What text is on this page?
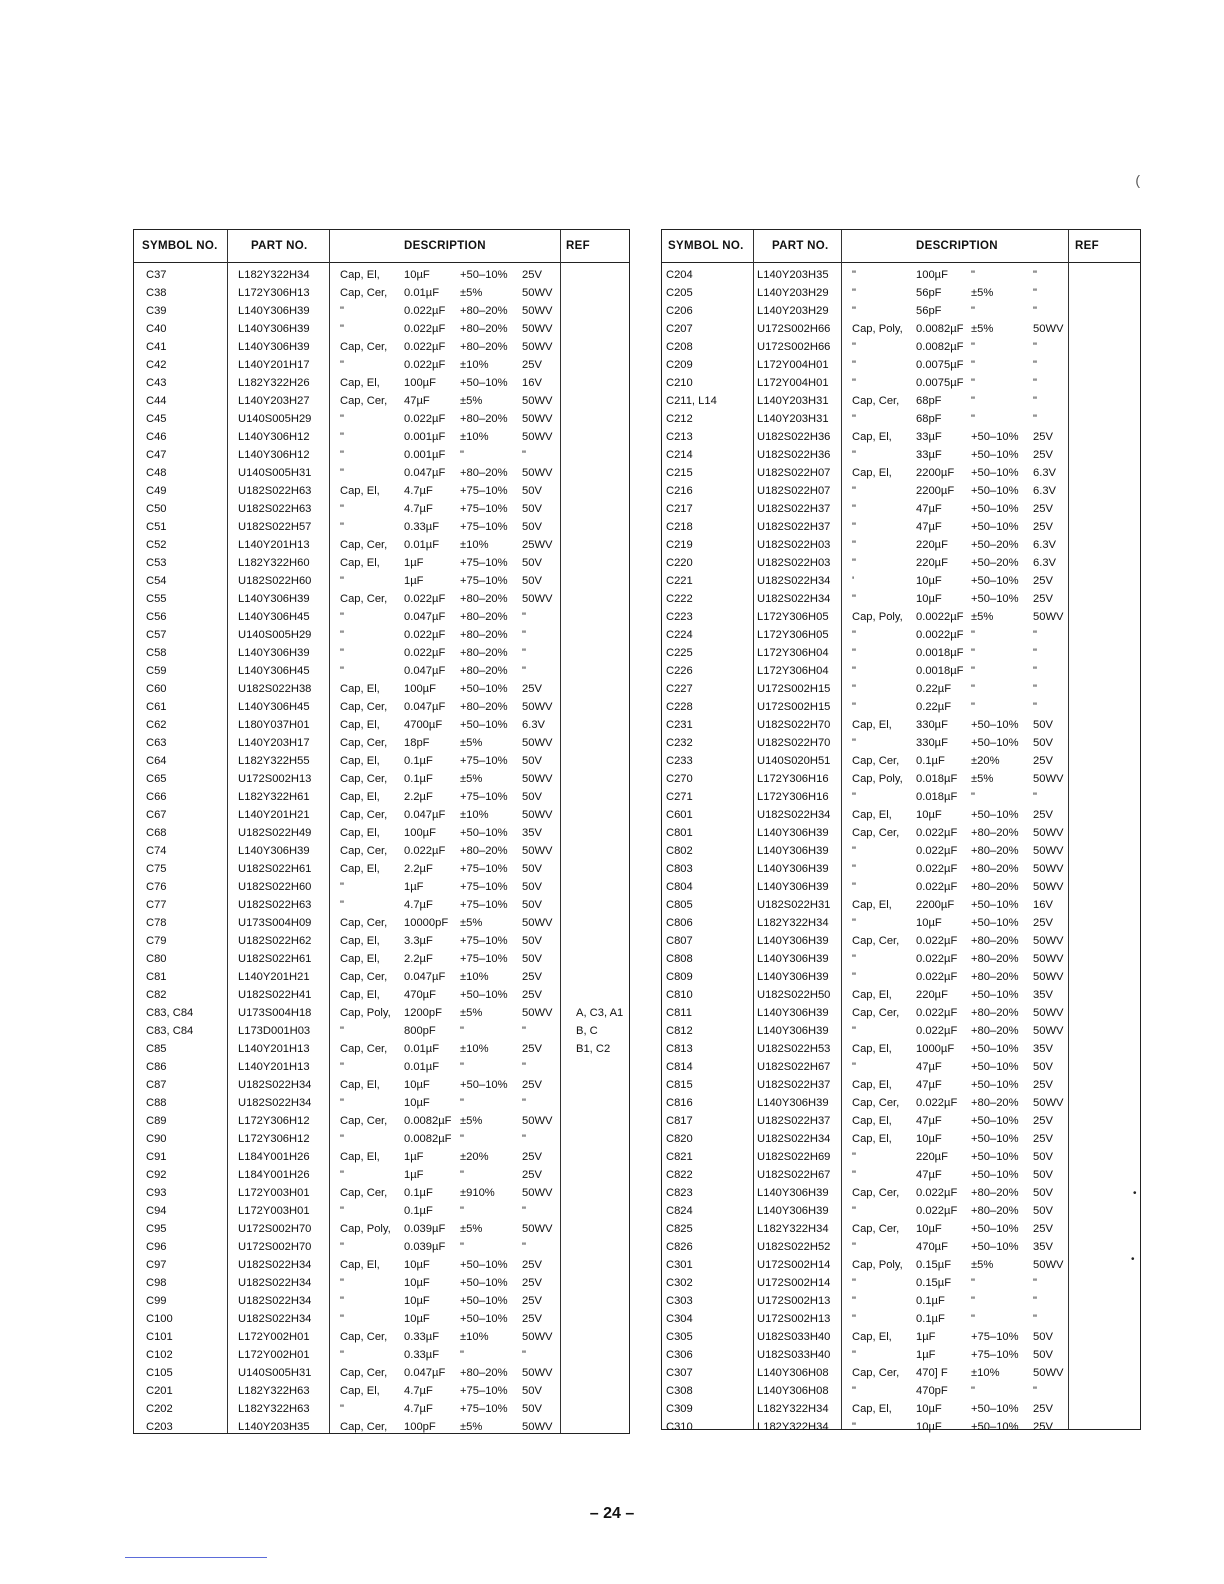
(
SYMBOL NO.	PART NO.	DESCRIPTION	REF
C37	L182Y322H34	Cap, El, 10µF	+50–10% 25V
C38	L172Y306H13	Cap, Cer, 0.01µF ±5%	50WV
C39	L140Y306H39	"	0.022µF +80–20% 50WV
C40	L140Y306H39	"	0.022µF +80–20% 50WV
C41	L140Y306H39	Cap, Cer, 0.022µF +80–20% 50WV
C42	L140Y201H17	"	0.022µF ±10%	25V
C43	L182Y322H26	Cap, El, 100µF +50–10% 16V
C44	L140Y203H27	Cap, Cer, 47µF	±5%	50WV
C45	U140S005H29	"	0.022µF +80–20% 50WV
C46	L140Y306H12	"	0.001µF ±10%	50WV
C47	L140Y306H12	"	0.001µF "	"
C48	U140S005H31	"	0.047µF +80–20% 50WV
C49	U182S022H63	Cap, El, 4.7µF +75–10% 50V
C50	U182S022H63	"	4.7µF +75–10% 50V
C51	U182S022H57	"	0.33µF +75–10% 50V
C52	L140Y201H13	Cap, Cer, 0.01µF ±10%	25WV
C53	L182Y322H60	Cap, El, 1µF	+75–10% 50V
C54	U182S022H60	"	1µF	+75–10% 50V
C55	L140Y306H39	Cap, Cer, 0.022µF +80–20% 50WV
C56	L140Y306H45	"	0.047µF +80–20% "
C57	U140S005H29	"	0.022µF +80–20% "
C58	L140Y306H39	"	0.022µF +80–20% "
C59	L140Y306H45	"	0.047µF +80–20% "
C60	U182S022H38	Cap, El, 100µF +50–10% 25V
C61	L140Y306H45	Cap, Cer, 0.047µF +80–20% 50WV
C62	L180Y037H01	Cap, El, 4700µF +50–10% 6.3V
C63	L140Y203H17	Cap, Cer, 18pF	±5%	50WV
C64	L182Y322H55	Cap, El, 0.1µF +75–10% 50V
C65	U172S002H13	Cap, Cer, 0.1µF ±5%	50WV
C66	L182Y322H61	Cap, El, 2.2µF +75–10% 50V
C67	L140Y201H21	Cap, Cer, 0.047µF ±10%	50WV
C68	U182S022H49	Cap, El, 100µF +50–10% 35V
C74	L140Y306H39	Cap, Cer, 0.022µF +80–20% 50WV
C75	U182S022H61	Cap, El, 2.2µF +75–10% 50V
C76	U182S022H60	"	1µF	+75–10% 50V
C77	U182S022H63	"	4.7µF +75–10% 50V
C78	U173S004H09	Cap, Cer, 10000pF ±5%	50WV
C79	U182S022H62	Cap, El, 3.3µF +75–10% 50V
C80	U182S022H61	Cap, El, 2.2µF +75–10% 50V
C81	L140Y201H21	Cap, Cer, 0.047µF ±10%	25V
C82	U182S022H41	Cap, El, 470µF +50–10% 25V
C83, C84	U173S004H18	Cap, Poly, 1200pF ±5%	50WV A, C3, A1
C83, C84	L173D001H03	"	800pF "	"	B, C
C85	L140Y201H13	Cap, Cer, 0.01µF ±10%	25V	B1, C2
C86	L140Y201H13	"	0.01µF "	"
C87	U182S022H34	Cap, El, 10µF	+50–10% 25V
C88	U182S022H34	"	10µF	"	"
C89	L172Y306H12	Cap, Cer, 0.0082µF ±5%	50WV
C90	L172Y306H12	"	0.0082µF "	"
C91	L184Y001H26	Cap, El, 1µF	±20%	25V
C92	L184Y001H26	"	1µF	"	25V
C93	L172Y003H01	Cap, Cer, 0.1µF ±910% 50WV
C94	L172Y003H01	"	0.1µF "	"
C95	U172S002H70	Cap, Poly, 0.039µF ±5%	50WV
C96	U172S002H70	"	0.039µF "	"
C97	U182S022H34	Cap, El, 10µF	+50–10% 25V
C98	U182S022H34	"	10µF	+50–10% 25V
C99	U182S022H34	"	10µF	+50–10% 25V
C100	U182S022H34	"	10µF	+50–10% 25V
C101	L172Y002H01	Cap, Cer, 0.33µF ±10%	50WV
C102	L172Y002H01	"	0.33µF "	"
C105	U140S005H31	Cap, Cer, 0.047µF +80–20% 50WV
C201	L182Y322H63	Cap, El, 4.7µF +75–10% 50V
C202	L182Y322H63	"	4.7µF +75–10% 50V
C203	L140Y203H35	Cap, Cer, 100pF ±5%	50WV
SYMBOL NO. PART NO.	DESCRIPTION	REF
C204	L140Y203H35 "	100µF "	"
C205	L140Y203H29 "	56pF	±5%	"
C206	L140Y203H29 "	56pF	"	"
C207	U172S002H66 Cap, Poly, 0.0082µF ±5%	50WV
C208	U172S002H66 "	0.0082µF "	"
C209	L172Y004H01 "	0.0075µF "	"
C210	L172Y004H01 "	0.0075µF "	"
C211, L14	L140Y203H31 Cap, Cer, 68pF	"	"
C212	L140Y203H31 "	68pF	"	"
C213	U182S022H36 Cap, El, 33µF	+50–10% 25V
C214	U182S022H36 "	33µF	+50–10% 25V
C215	U182S022H07 Cap, El, 2200µF +50–10% 6.3V
C216	U182S022H07 "	2200µF +50–10% 6.3V
C217	U182S022H37 "	47µF	+50–10% 25V
C218	U182S022H37 "	47µF	+50–10% 25V
C219	U182S022H03 "	220µF +50–20% 6.3V
C220	U182S022H03 "	220µF +50–20% 6.3V
C221	U182S022H34 '	10µF	+50–10% 25V
C222	U182S022H34 "	10µF	+50–10% 25V
C223	L172Y306H05 Cap, Poly, 0.0022µF ±5%	50WV
C224	L172Y306H05 "	0.0022µF "	"
C225	L172Y306H04 "	0.0018µF "	"
C226	L172Y306H04 "	0.0018µF "	"
C227	U172S002H15 "	0.22µF "	"
C228	U172S002H15 "	0.22µF "	"
C231	U182S022H70 Cap, El, 330µF +50–10% 50V
C232	U182S022H70 "	330µF +50–10% 50V
C233	U140S020H51 Cap, Cer, 0.1µF ±20%	25V
C270	L172Y306H16 Cap, Poly, 0.018µF ±5%	50WV
C271	L172Y306H16 "	0.018µF "	"
C601	U182S022H34 Cap, El, 10µF	+50–10% 25V
C801	L140Y306H39 Cap, Cer, 0.022µF +80–20% 50WV
C802	L140Y306H39 "	0.022µF +80–20% 50WV
C803	L140Y306H39 "	0.022µF +80–20% 50WV
C804	L140Y306H39 "	0.022µF +80–20% 50WV
C805	U182S022H31 Cap, El, 2200µF +50–10% 16V
C806	L182Y322H34 "	10µF	+50–10% 25V
C807	L140Y306H39 Cap, Cer, 0.022µF +80–20% 50WV
C808	L140Y306H39 "	0.022µF +80–20% 50WV
C809	L140Y306H39 "	0.022µF +80–20% 50WV
C810	U182S022H50 Cap, El, 220µF +50–10% 35V
C811	L140Y306H39 Cap, Cer, 0.022µF +80–20% 50WV
C812	L140Y306H39 "	0.022µF +80–20% 50WV
C813	U182S022H53 Cap, El, 1000µF +50–10% 35V
C814	U182S022H67 "	47µF	+50–10% 50V
C815	U182S022H37 Cap, El, 47µF	+50–10% 25V
C816	L140Y306H39 Cap, Cer, 0.022µF +80–20% 50WV
C817	U182S022H37 Cap, El, 47µF	+50–10% 25V
C820	U182S022H34 Cap, El, 10µF	+50–10% 25V
C821	U182S022H69 "	220µF +50–10% 50V
C822	U182S022H67 "	47µF	+50–10% 50V
C823	L140Y306H39 Cap, Cer, 0.022µF +80–20% 50V
C824	L140Y306H39 "	0.022µF +80–20% 50V
C825	L182Y322H34 Cap, Cer, 10µF	+50–10% 25V
C826	U182S022H52 "	470µF +50–10% 35V
C301	U172S002H14 Cap, Poly, 0.15µF ±5%	50WV
C302	U172S002H14 "	0.15µF "	"
C303	U172S002H13 "	0.1µF "	"
C304	U172S002H13 "	0.1µF "	"
C305	U182S033H40 Cap, El, 1µF	+75–10% 50V
C306	U182S033H40 "	1µF	+75–10% 50V
C307	L140Y306H08 Cap, Cer, 470] F ±10%	50WV
C308	L140Y306H08 "	470pF "	"
C309	L182Y322H34 Cap, El, 10µF	+50–10% 25V
C310	L182Y322H34 "	10µF	+50–10% 25V
•
•
– 24 –
